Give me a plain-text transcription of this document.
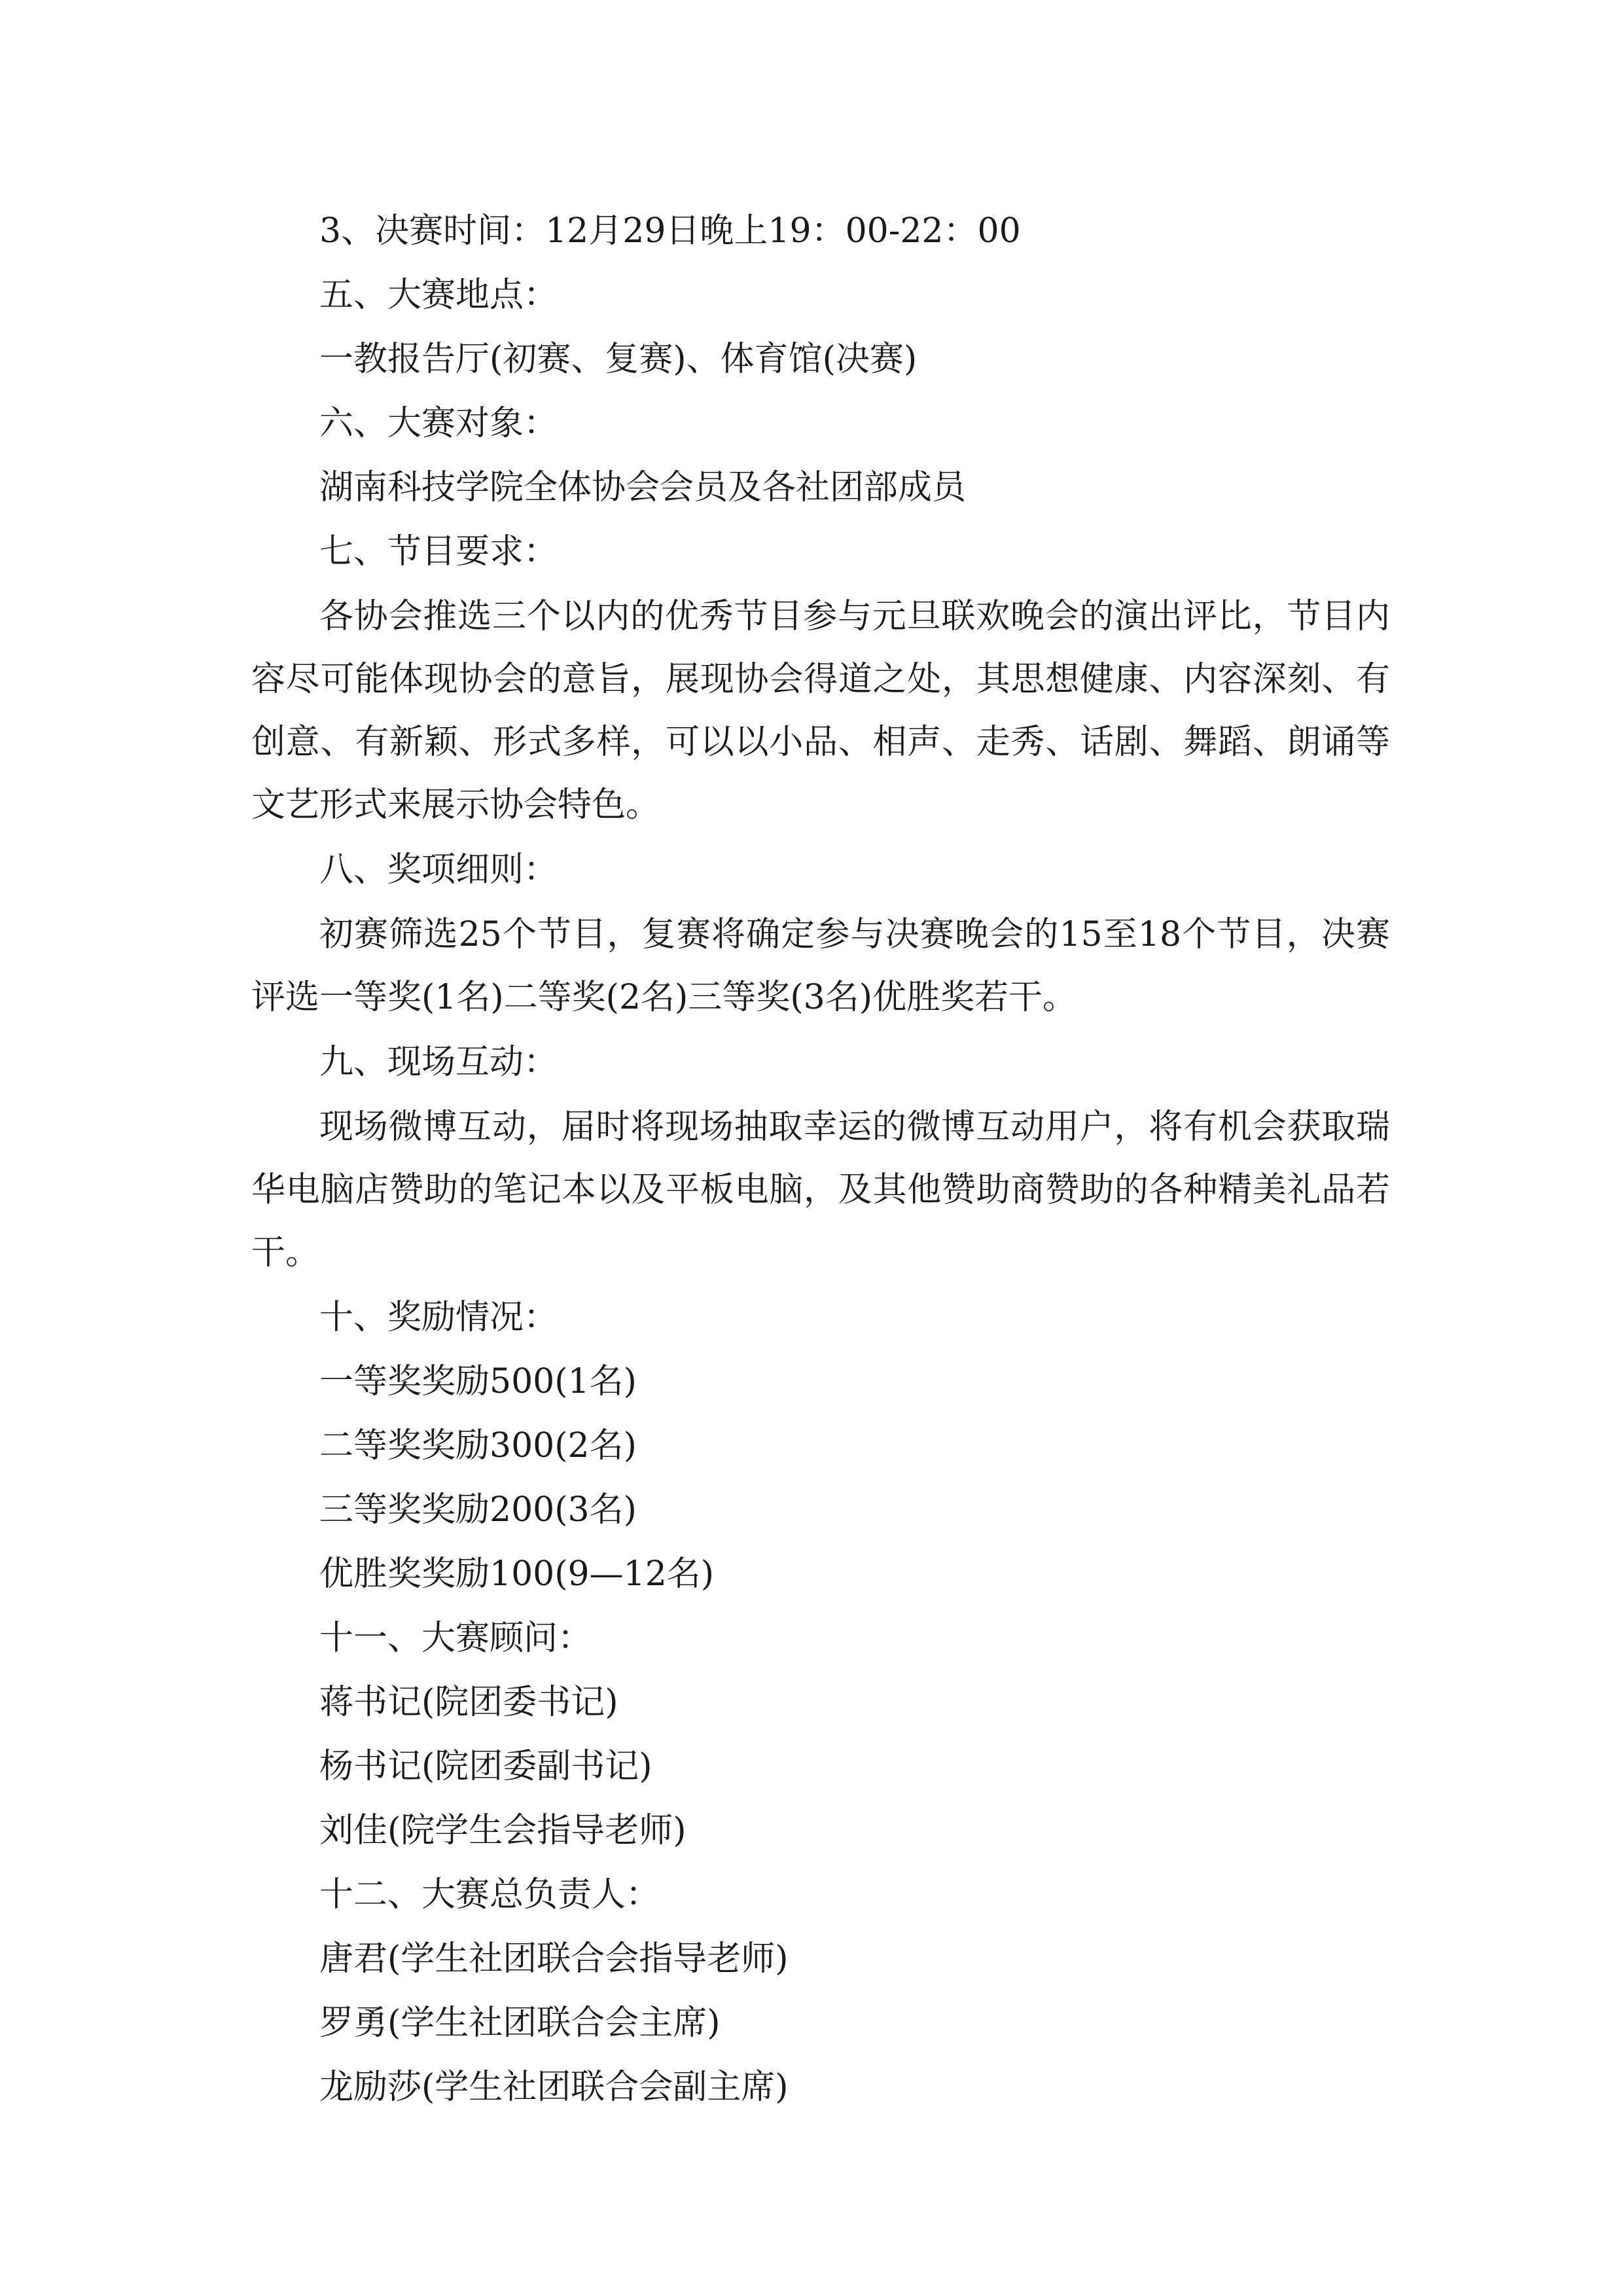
3、决赛时间：12月29日晚上19：00-22：00
五、大赛地点：
一教报告厅(初赛、复赛)、体育馆(决赛)
六、大赛对象：
湖南科技学院全体协会会员及各社团部成员
七、节目要求：

各协会推选三个以内的优秀节目参与元旦联欢晚会的演出评比，节目内容尽可能体现协会的意旨，展现协会得道之处，其思想健康、内容深刻、有创意、有新颖、形式多样，可以以小品、相声、走秀、话剧、舞蹈、朗诵等文艺形式来展示协会特色。

八、奖项细则：

初赛筛选25个节目，复赛将确定参与决赛晚会的15至18个节目，决赛评选一等奖(1名)二等奖(2名)三等奖(3名)优胜奖若干。

九、现场互动：

现场微博互动，届时将现场抽取幸运的微博互动用户，将有机会获取瑞华电脑店赞助的笔记本以及平板电脑，及其他赞助商赞助的各种精美礼品若干。

十、奖励情况：
一等奖奖励500(1名)
二等奖奖励300(2名)
三等奖奖励200(3名)
优胜奖奖励100(9—12名)
十一、大赛顾问：
蒋书记(院团委书记)
杨书记(院团委副书记)
刘佳(院学生会指导老师)
十二、大赛总负责人：
唐君(学生社团联合会指导老师)
罗勇(学生社团联合会主席)
龙励莎(学生社团联合会副主席)
